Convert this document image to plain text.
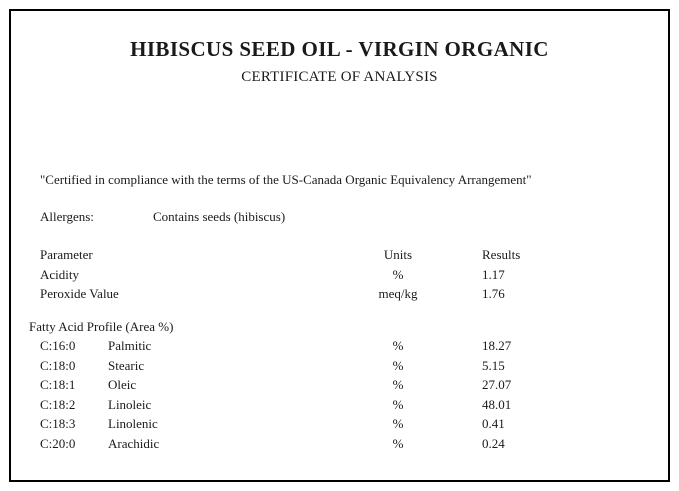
HIBISCUS SEED OIL - VIRGIN ORGANIC
CERTIFICATE OF ANALYSIS
"Certified in compliance with the terms of the US-Canada Organic Equivalency Arrangement"
Allergens:	Contains seeds (hibiscus)
Parameter		Units	Results
Acidity		%	1.17
Peroxide Value		meq/kg	1.76

Fatty Acid Profile (Area %)			
C:16:0	Palmitic	%	18.27
C:18:0	Stearic	%	5.15
C:18:1	Oleic	%	27.07
C:18:2	Linoleic	%	48.01
C:18:3	Linolenic	%	0.41
C:20:0	Arachidic	%	0.24
